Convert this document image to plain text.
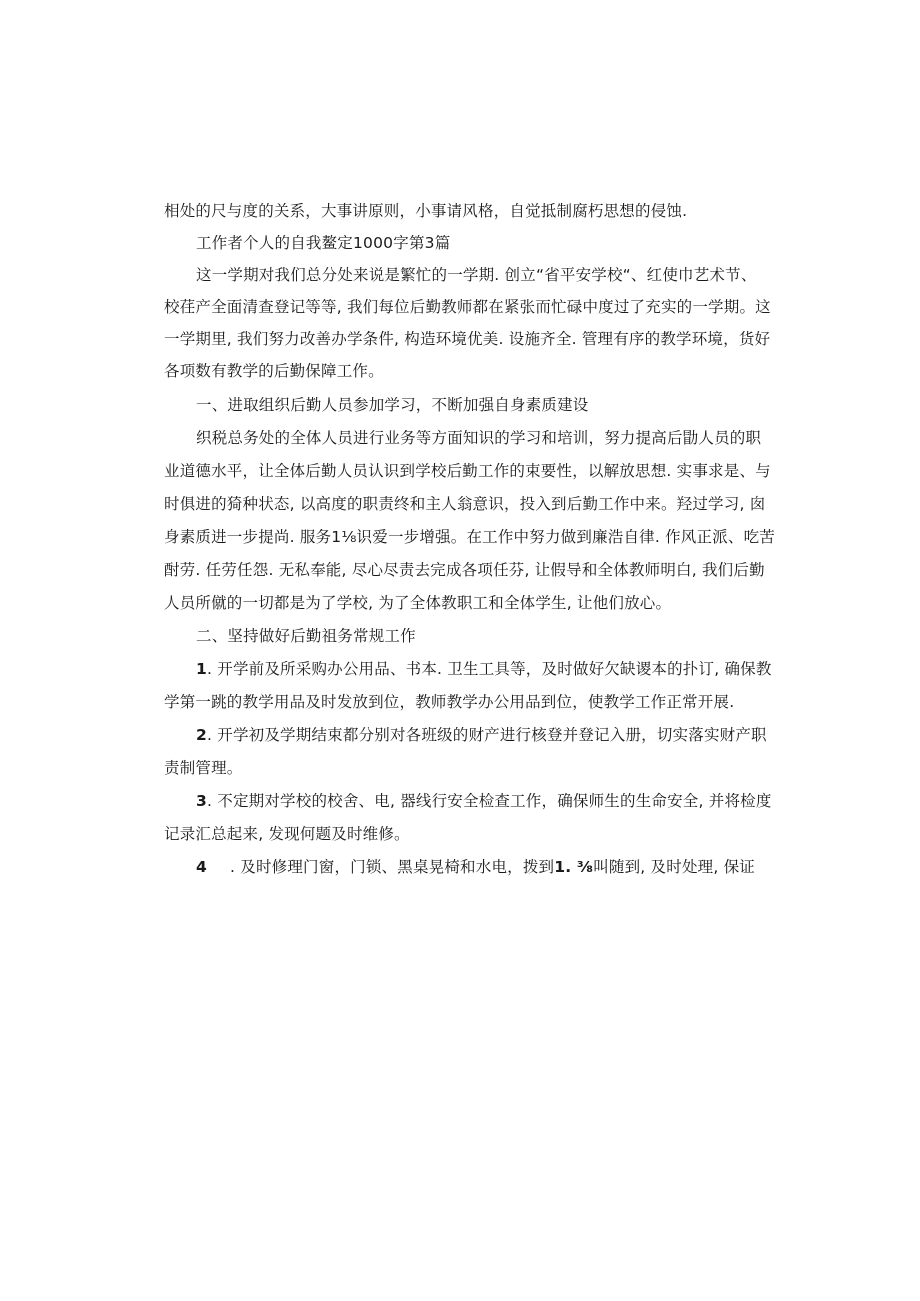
相处的尺与度的关系，大事讲原则，小事请风格，自觉抵制腐朽思想的侵蚀.
工作者个人的自我鳌定1000字第3篇
这一学期对我们总分处来说是繁忙的一学期. 创立“省平安学校“、红使巾艺术节、
校荏产全面清查登记等等, 我们每位后勤教师都在紧张而忙碌中度过了充实的一学期。这
一学期里, 我们努力改善办学条件, 构造环境优美. 设施齐全. 管理有序的教学环境，货好
各项数有教学的后勤保障工作。
一、进取组织后勤人员参加学习，不断加强自身素质建设
织税总务处的全体人员进行业务等方面知识的学习和培训，努力提高后勖人员的职
业道德水平，让全体后勤人员认识到学校后勤工作的束要性，以解放思想. 实事求是、与
时俱进的猗种状态, 以高度的职责终和主人翁意识，投入到后勤工作中来。羟过学习, 囱
身素质进一步提尚. 服务1⅛识爱一步增强。在工作中努力做到廉浩自律. 作风正派、吃苦
酎劳. 任劳任怨. 无私奉能, 尽心尽责去完成各项任芬, 让假导和全体教师明白, 我们后勤
人员所僦的一切都是为了学校, 为了全体教职工和全体学生, 让他们放心。
二、坚持做好后勤祖务常规工作
1. 开学前及所采购办公用品、书本. 卫生工具等，及时做好欠缺谡本的扑订, 确保教
学第一跳的教学用品及时发放到位，教师教学办公用品到位，使教学工作正常开展.
2. 开学初及学期结束都分别对各班级的财产进行核登并登记入册，切实落实财产职
责制管理。
3. 不定期对学校的校舍、电, 器线行安全检查工作，确保师生的生命安全, 并将检度
记录汇总起来, 发现何题及时维修。
4 . 及时修理门窗，门锁、黑桌晃椅和水电，拨到1. ⅜叫随到, 及时处理, 保证
